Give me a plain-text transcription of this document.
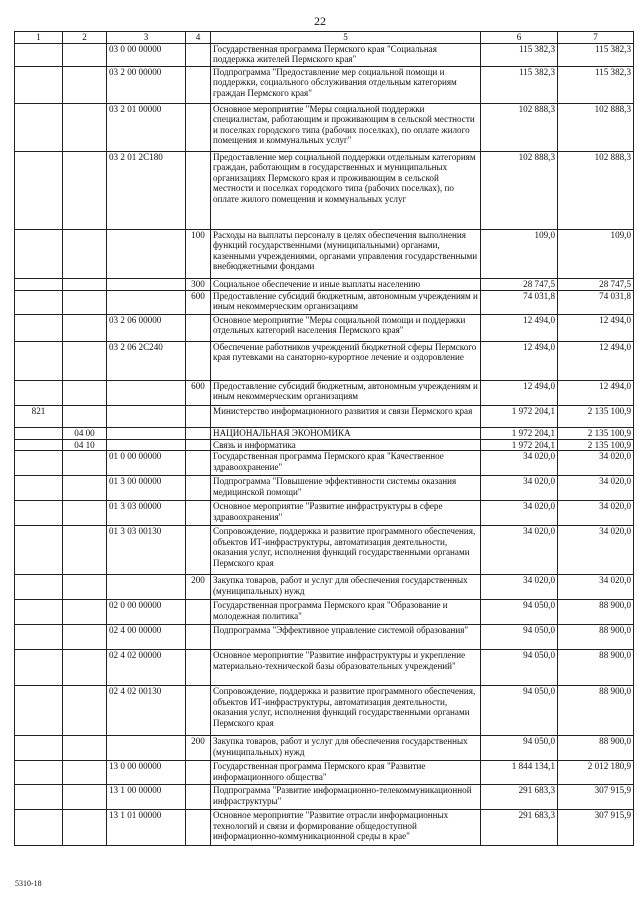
22
1	2	3	4	5	6	7
		03 0 00 00000		Государственная программа Пермского края "Социальная поддержка жителей Пермского края"	115 382,3	115 382,3
		03 2 00 00000		Подпрограмма "Предоставление мер социальной помощи и поддержки, социального обслуживания отдельным категориям граждан Пермского края"	115 382,3	115 382,3
		03 2 01 00000		Основное мероприятие "Меры социальной поддержки специалистам, работающим и проживающим в сельской местности и поселках городского типа (рабочих поселках), по оплате жилого помещения и коммунальных услуг"	102 888,3	102 888,3
		03 2 01 2С180		Предоставление мер социальной поддержки отдельным категориям граждан, работающим в государственных и муниципальных организациях Пермского края и проживающим в сельской местности и поселках городского типа (рабочих поселках), по оплате жилого помещения и коммунальных услуг	102 888,3	102 888,3
			100	Расходы на выплаты персоналу в целях обеспечения выполнения функций государственными (муниципальными) органами, казенными учреждениями, органами управления государственными внебюджетными фондами	109,0	109,0
			300	Социальное обеспечение и иные выплаты населению	28 747,5	28 747,5
			600	Предоставление субсидий бюджетным, автономным учреждениям и иным некоммерческим организациям	74 031,8	74 031,8
		03 2 06 00000		Основное мероприятие "Меры социальной помощи и поддержки отдельных категорий населения Пермского края"	12 494,0	12 494,0
		03 2 06 2С240		Обеспечение работников учреждений бюджетной сферы Пермского края путевками на санаторно-курортное лечение и оздоровление	12 494,0	12 494,0
			600	Предоставление субсидий бюджетным, автономным учреждениям и иным некоммерческим организациям	12 494,0	12 494,0
821				Министерство информационного развития и связи Пермского края	1 972 204,1	2 135 100,9
	04 00			НАЦИОНАЛЬНАЯ ЭКОНОМИКА	1 972 204,1	2 135 100,9
	04 10			Связь и информатика	1 972 204,1	2 135 100,9
		01 0 00 00000		Государственная программа Пермского края "Качественное здравоохранение"	34 020,0	34 020,0
		01 3 00 00000		Подпрограмма "Повышение эффективности системы оказания медицинской помощи"	34 020,0	34 020,0
		01 3 03 00000		Основное мероприятие "Развитие инфраструктуры в сфере здравоохранения"	34 020,0	34 020,0
		01 3 03 00130		Сопровождение, поддержка и развитие программного обеспечения, объектов ИТ-инфраструктуры, автоматизация деятельности, оказания услуг, исполнения функций государственными органами Пермского края	34 020,0	34 020,0
			200	Закупка товаров, работ и услуг для обеспечения государственных (муниципальных) нужд	34 020,0	34 020,0
		02 0 00 00000		Государственная программа Пермского края "Образование и молодежная политика"	94 050,0	88 900,0
		02 4 00 00000		Подпрограмма "Эффективное управление системой образования"	94 050,0	88 900,0
		02 4 02 00000		Основное мероприятие "Развитие инфраструктуры и укрепление материально-технической базы образовательных учреждений"	94 050,0	88 900,0
		02 4 02 00130		Сопровождение, поддержка и развитие программного обеспечения, объектов ИТ-инфраструктуры, автоматизация деятельности, оказания услуг, исполнения функций государственными органами Пермского края	94 050,0	88 900,0
			200	Закупка товаров, работ и услуг для обеспечения государственных (муниципальных) нужд	94 050,0	88 900,0
		13 0 00 00000		Государственная программа Пермского края "Развитие информационного общества"	1 844 134,1	2 012 180,9
		13 1 00 00000		Подпрограмма "Развитие информационно-телекоммуникационной инфраструктуры"	291 683,3	307 915,9
		13 1 01 00000		Основное мероприятие "Развитие отрасли информационных технологий и связи и формирование общедоступной информационно-коммуникационной среды в крае"	291 683,3	307 915,9
5310-18
